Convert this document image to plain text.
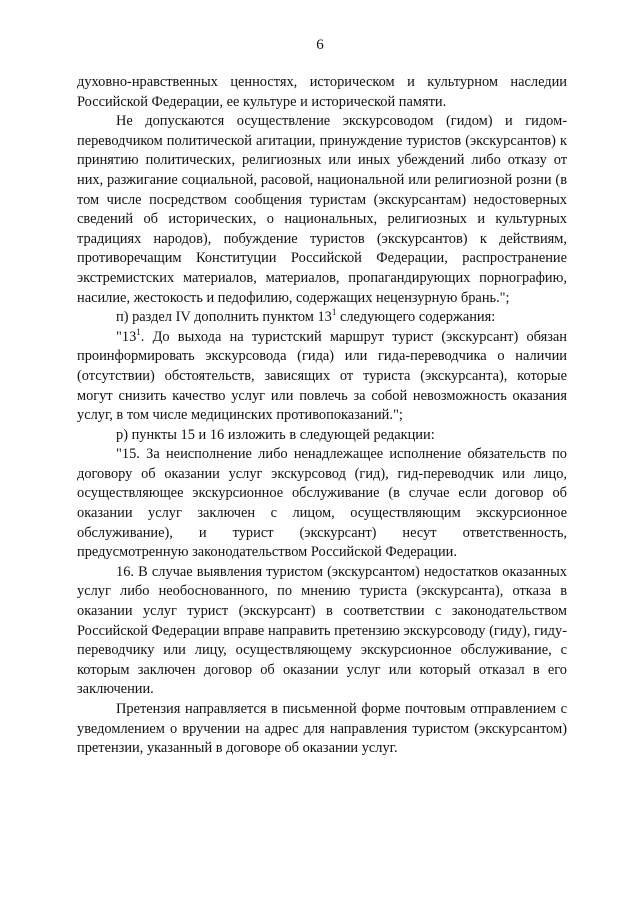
6

духовно-нравственных ценностях, историческом и культурном наследии Российской Федерации, ее культуре и исторической памяти.

Не допускаются осуществление экскурсоводом (гидом) и гидом-переводчиком политической агитации, принуждение туристов (экскурсантов) к принятию политических, религиозных или иных убеждений либо отказу от них, разжигание социальной, расовой, национальной или религиозной розни (в том числе посредством сообщения туристам (экскурсантам) недостоверных сведений об исторических, о национальных, религиозных и культурных традициях народов), побуждение туристов (экскурсантов) к действиям, противоречащим Конституции Российской Федерации, распространение экстремистских материалов, материалов, пропагандирующих порнографию, насилие, жестокость и педофилию, содержащих нецензурную брань.";

п) раздел IV дополнить пунктом $13^1$ следующего содержания:

"$13^1$. До выхода на туристский маршрут турист (экскурсант) обязан проинформировать экскурсовода (гида) или гида-переводчика о наличии (отсутствии) обстоятельств, зависящих от туриста (экскурсанта), которые могут снизить качество услуг или повлечь за собой невозможность оказания услуг, в том числе медицинских противопоказаний.";

р) пункты 15 и 16 изложить в следующей редакции:

"15. За неисполнение либо ненадлежащее исполнение обязательств по договору об оказании услуг экскурсовод (гид), гид-переводчик или лицо, осуществляющее экскурсионное обслуживание (в случае если договор об оказании услуг заключен с лицом, осуществляющим экскурсионное обслуживание), и турист (экскурсант) несут ответственность, предусмотренную законодательством Российской Федерации.

16. В случае выявления туристом (экскурсантом) недостатков оказанных услуг либо необоснованного, по мнению туриста (экскурсанта), отказа в оказании услуг турист (экскурсант) в соответствии с законодательством Российской Федерации вправе направить претензию экскурсоводу (гиду), гиду-переводчику или лицу, осуществляющему экскурсионное обслуживание, с которым заключен договор об оказании услуг или который отказал в его заключении.

Претензия направляется в письменной форме почтовым отправлением с уведомлением о вручении на адрес для направления туристом (экскурсантом) претензии, указанный в договоре об оказании услуг.
